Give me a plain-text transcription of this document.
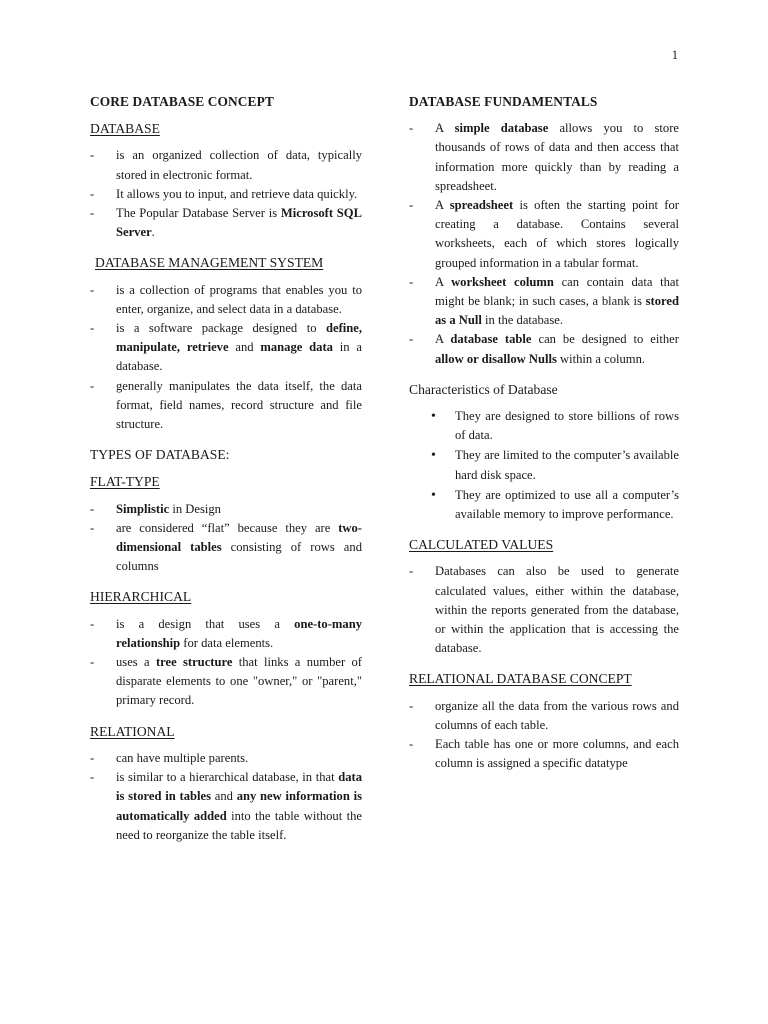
1
CORE DATABASE CONCEPT
DATABASE
- is an organized collection of data, typically stored in electronic format.
- It allows you to input, and retrieve data quickly.
- The Popular Database Server is Microsoft SQL Server.
DATABASE MANAGEMENT SYSTEM
- is a collection of programs that enables you to enter, organize, and select data in a database.
- is a software package designed to define, manipulate, retrieve and manage data in a database.
- generally manipulates the data itself, the data format, field names, record structure and file structure.
TYPES OF DATABASE:
FLAT-TYPE
- Simplistic in Design
- are considered “flat” because they are two-dimensional tables consisting of rows and columns
HIERARCHICAL
- is a design that uses a one-to-many relationship for data elements.
- uses a tree structure that links a number of disparate elements to one "owner," or "parent," primary record.
RELATIONAL
- can have multiple parents.
- is similar to a hierarchical database, in that data is stored in tables and any new information is automatically added into the table without the need to reorganize the table itself.
DATABASE FUNDAMENTALS
- A simple database allows you to store thousands of rows of data and then access that information more quickly than by reading a spreadsheet.
- A spreadsheet is often the starting point for creating a database. Contains several worksheets, each of which stores logically grouped information in a tabular format.
- A worksheet column can contain data that might be blank; in such cases, a blank is stored as a Null in the database.
- A database table can be designed to either allow or disallow Nulls within a column.
Characteristics of Database
• They are designed to store billions of rows of data.
• They are limited to the computer’s available hard disk space.
• They are optimized to use all a computer’s available memory to improve performance.
CALCULATED VALUES
- Databases can also be used to generate calculated values, either within the database, within the reports generated from the database, or within the application that is accessing the database.
RELATIONAL DATABASE CONCEPT
- organize all the data from the various rows and columns of each table.
- Each table has one or more columns, and each column is assigned a specific datatype
